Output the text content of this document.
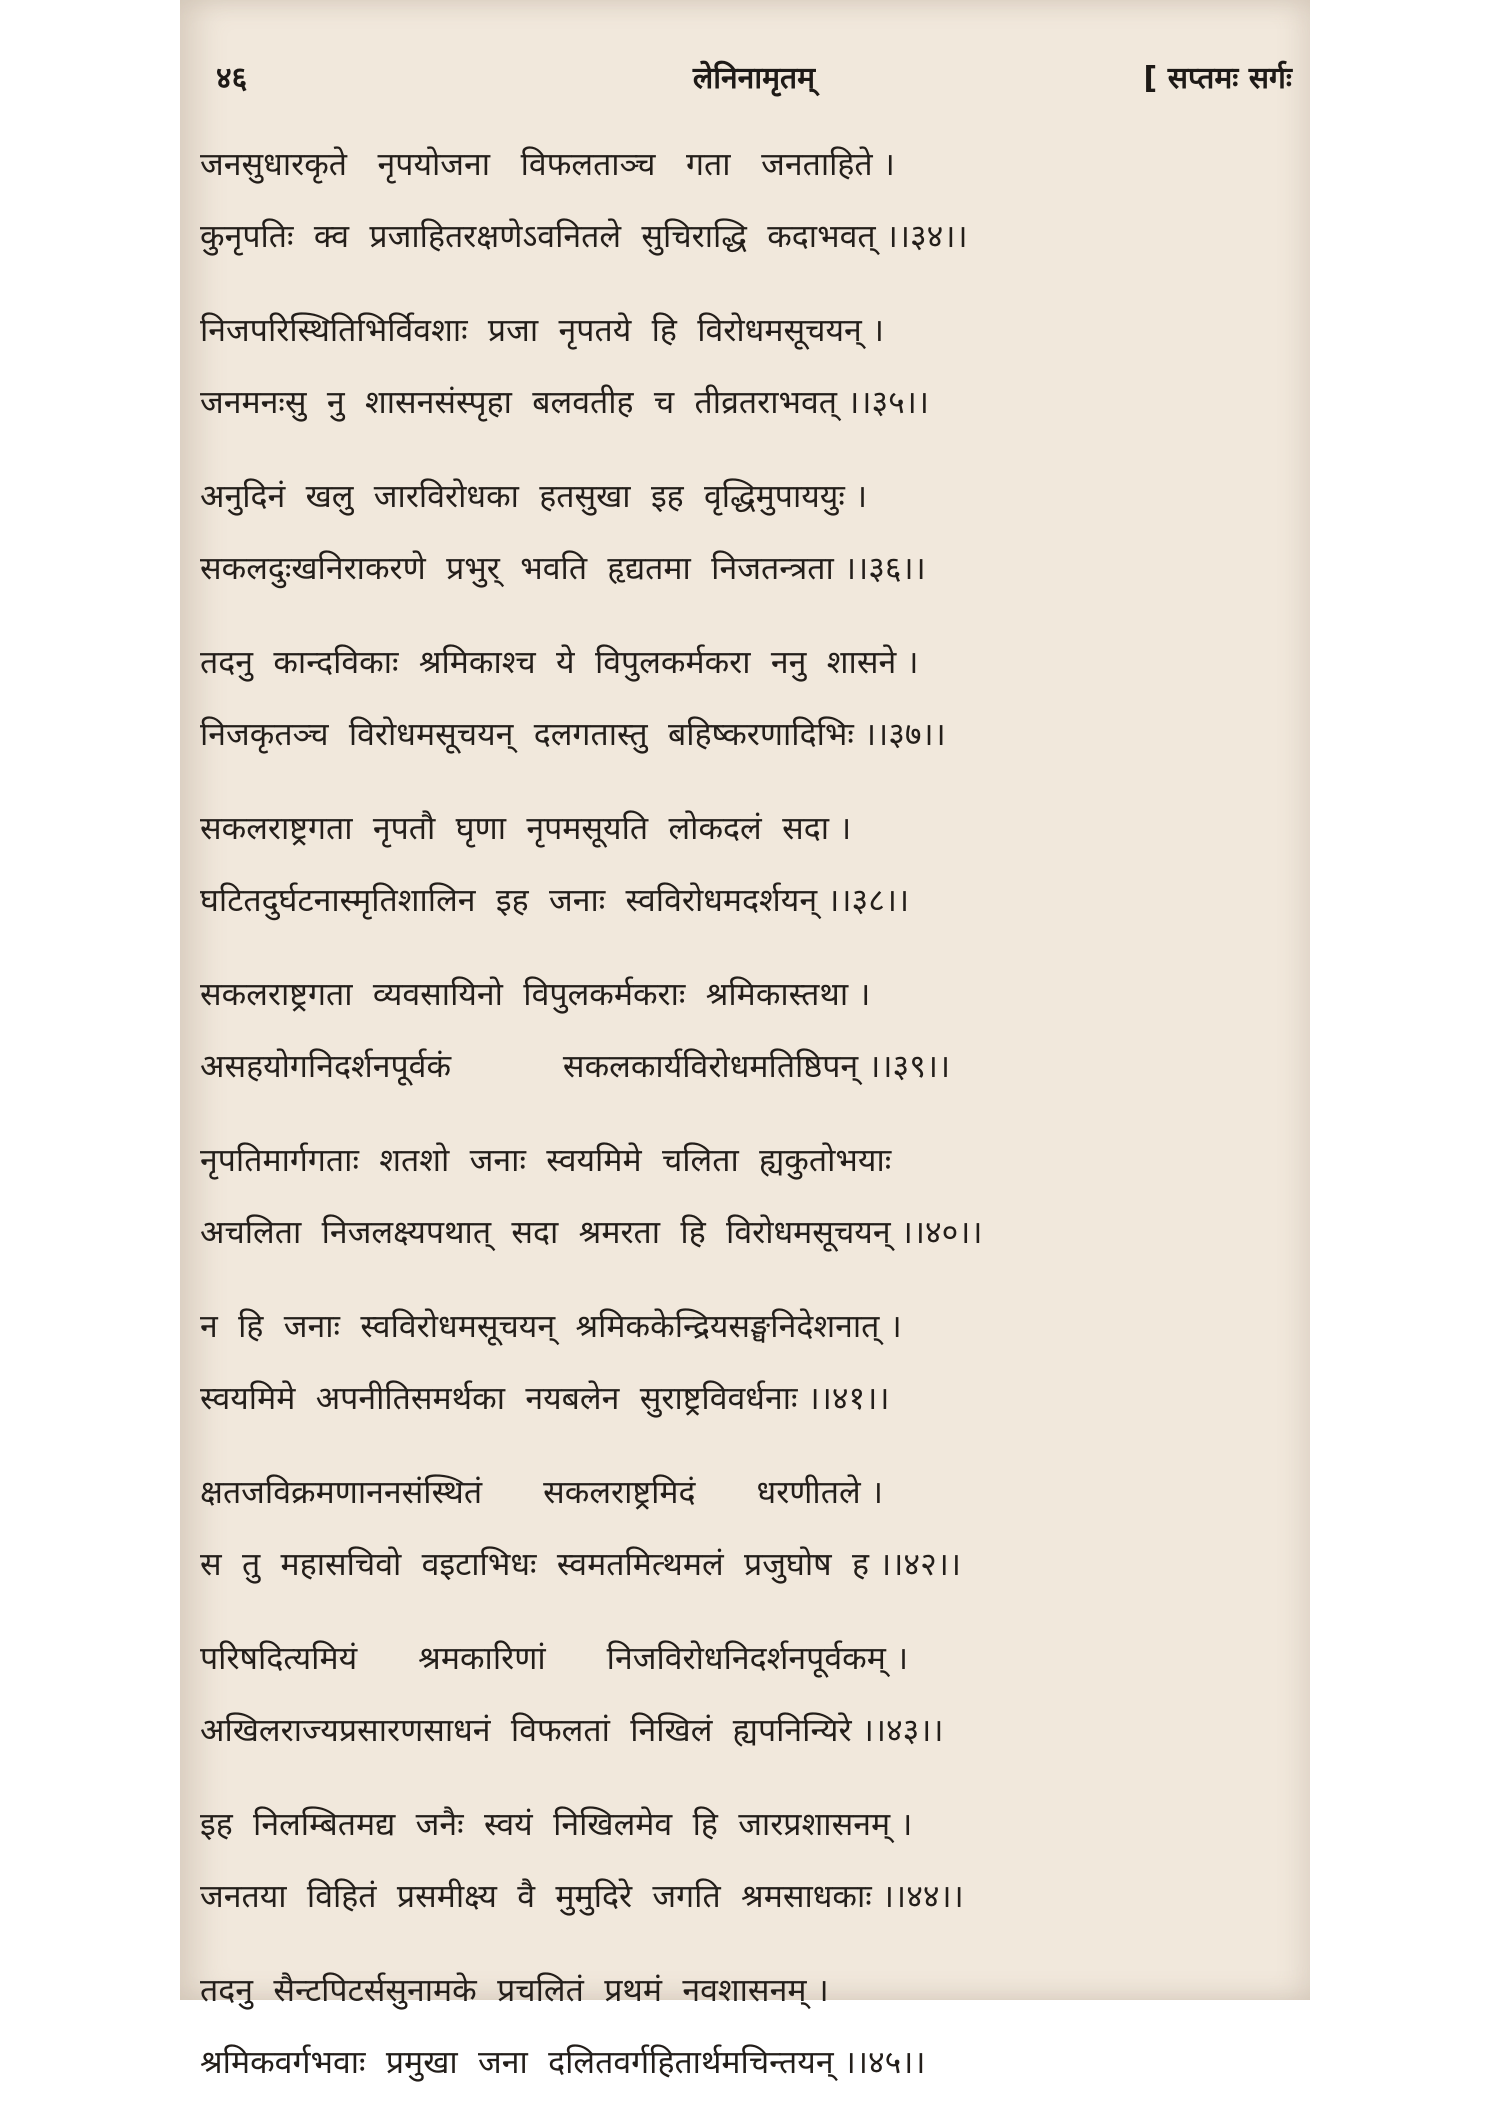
४६	लेनिनामृतम्	[ सप्तमः सर्गः
जनसुधारकृते   नृपयोजना   विफलताञ्च   गता   जनताहिते ।
कुनृपतिः  क्व  प्रजाहितरक्षणेऽवनितले  सुचिराद्धि  कदाभवत् ।।३४।।
निजपरिस्थितिभिर्विवशाः  प्रजा  नृपतये  हि  विरोधमसूचयन् ।
जनमनःसु  नु  शासनसंस्पृहा  बलवतीह  च  तीव्रतराभवत् ।।३५।।
अनुदिनं  खलु  जारविरोधका  हतसुखा  इह  वृद्धिमुपाययुः ।
सकलदुःखनिराकरणे  प्रभुर्  भवति  हृद्यतमा  निजतन्त्रता ।।३६।।
तदनु  कान्दविकाः  श्रमिकाश्च  ये  विपुलकर्मकरा  ननु  शासने ।
निजकृतञ्च  विरोधमसूचयन्  दलगतास्तु  बहिष्करणादिभिः ।।३७।।
सकलराष्ट्रगता  नृपतौ  घृणा  नृपमसूयति  लोकदलं  सदा ।
घटितदुर्घटनास्मृतिशालिन  इह  जनाः  स्वविरोधमदर्शयन् ।।३८।।
सकलराष्ट्रगता  व्यवसायिनो  विपुलकर्मकराः  श्रमिकास्तथा ।
असहयोगनिदर्शनपूर्वकं           सकलकार्यविरोधमतिष्ठिपन् ।।३९।।
नृपतिमार्गगताः  शतशो  जनाः  स्वयमिमे  चलिता  ह्यकुतोभयाः
अचलिता  निजलक्ष्यपथात्  सदा  श्रमरता  हि  विरोधमसूचयन् ।।४०।।
न  हि  जनाः  स्वविरोधमसूचयन्  श्रमिककेन्द्रियसङ्घनिदेशनात् ।
स्वयमिमे  अपनीतिसमर्थका  नयबलेन  सुराष्ट्रविवर्धनाः ।।४१।।
क्षतजविक्रमणाननसंस्थितं      सकलराष्ट्रमिदं      धरणीतले ।
स  तु  महासचिवो  वइटाभिधः  स्वमतमित्थमलं  प्रजुघोष  ह ।।४२।।
परिषदित्यमियं      श्रमकारिणां      निजविरोधनिदर्शनपूर्वकम् ।
अखिलराज्यप्रसारणसाधनं  विफलतां  निखिलं  ह्यपनिन्यिरे ।।४३।।
इह  निलम्बितमद्य  जनैः  स्वयं  निखिलमेव  हि  जारप्रशासनम् ।
जनतया  विहितं  प्रसमीक्ष्य  वै  मुमुदिरे  जगति  श्रमसाधकाः ।।४४।।
तदनु  सैन्टपिटर्ससुनामके  प्रचलितं  प्रथमं  नवशासनम् ।
श्रमिकवर्गभवाः  प्रमुखा  जना  दलितवर्गहितार्थमचिन्तयन् ।।४५।।
